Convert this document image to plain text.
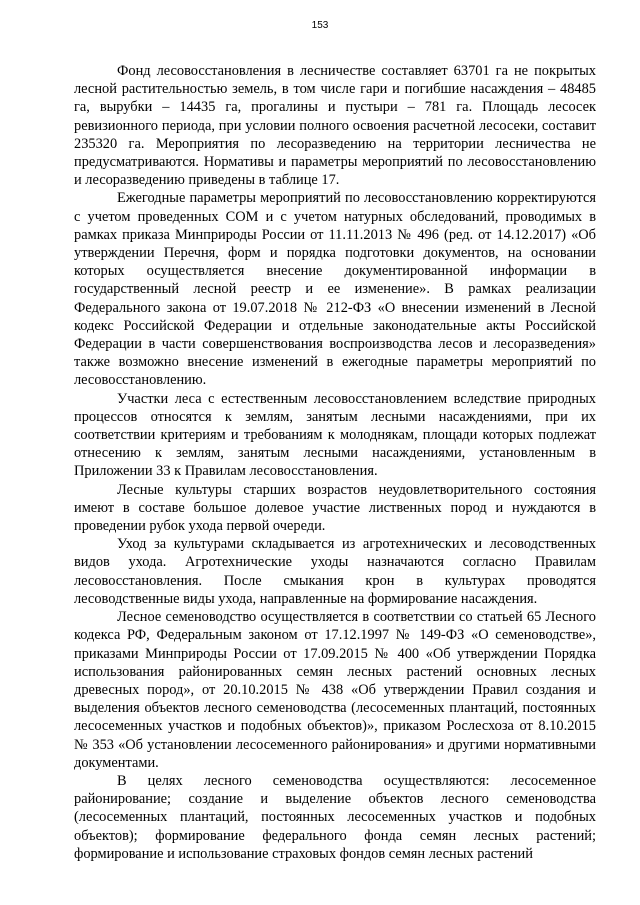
153

Фонд лесовосстановления в лесничестве составляет 63701 га не покрытых лесной растительностью земель, в том числе гари и погибшие насаждения – 48485 га, вырубки – 14435 га, прогалины и пустыри – 781 га. Площадь лесосек ревизионного периода, при условии полного освоения расчетной лесосеки, составит 235320 га. Мероприятия по лесоразведению на территории лесничества не предусматриваются. Нормативы и параметры мероприятий по лесовосстановлению и лесоразведению приведены в таблице 17.

Ежегодные параметры мероприятий по лесовосстановлению корректируются с учетом проведенных СОМ и с учетом натурных обследований, проводимых в рамках приказа Минприроды России от 11.11.2013 № 496 (ред. от 14.12.2017) «Об утверждении Перечня, форм и порядка подготовки документов, на основании которых осуществляется внесение документированной информации в государственный лесной реестр и ее изменение». В рамках реализации Федерального закона от 19.07.2018 № 212-ФЗ «О внесении изменений в Лесной кодекс Российской Федерации и отдельные законодательные акты Российской Федерации в части совершенствования воспроизводства лесов и лесоразведения» также возможно внесение изменений в ежегодные параметры мероприятий по лесовосстановлению.

Участки леса с естественным лесовосстановлением вследствие природных процессов относятся к землям, занятым лесными насаждениями, при их соответствии критериям и требованиям к молоднякам, площади которых подлежат отнесению к землям, занятым лесными насаждениями, установленным в Приложении 33 к Правилам лесовосстановления.

Лесные культуры старших возрастов неудовлетворительного состояния имеют в составе большое долевое участие лиственных пород и нуждаются в проведении рубок ухода первой очереди.

Уход за культурами складывается из агротехнических и лесоводственных видов ухода. Агротехнические уходы назначаются согласно Правилам лесовосстановления. После смыкания крон в культурах проводятся лесоводственные виды ухода, направленные на формирование насаждения.

Лесное семеноводство осуществляется в соответствии со статьей 65 Лесного кодекса РФ, Федеральным законом от 17.12.1997 № 149-ФЗ «О семеноводстве», приказами Минприроды России от 17.09.2015 № 400 «Об утверждении Порядка использования районированных семян лесных растений основных лесных древесных пород», от 20.10.2015 № 438 «Об утверждении Правил создания и выделения объектов лесного семеноводства (лесосеменных плантаций, постоянных лесосеменных участков и подобных объектов)», приказом Рослесхоза от 8.10.2015 № 353 «Об установлении лесосеменного районирования» и другими нормативными документами.

В целях лесного семеноводства осуществляются: лесосеменное районирование; создание и выделение объектов лесного семеноводства (лесосеменных плантаций, постоянных лесосеменных участков и подобных объектов); формирование федерального фонда семян лесных растений; формирование и использование страховых фондов семян лесных растений
